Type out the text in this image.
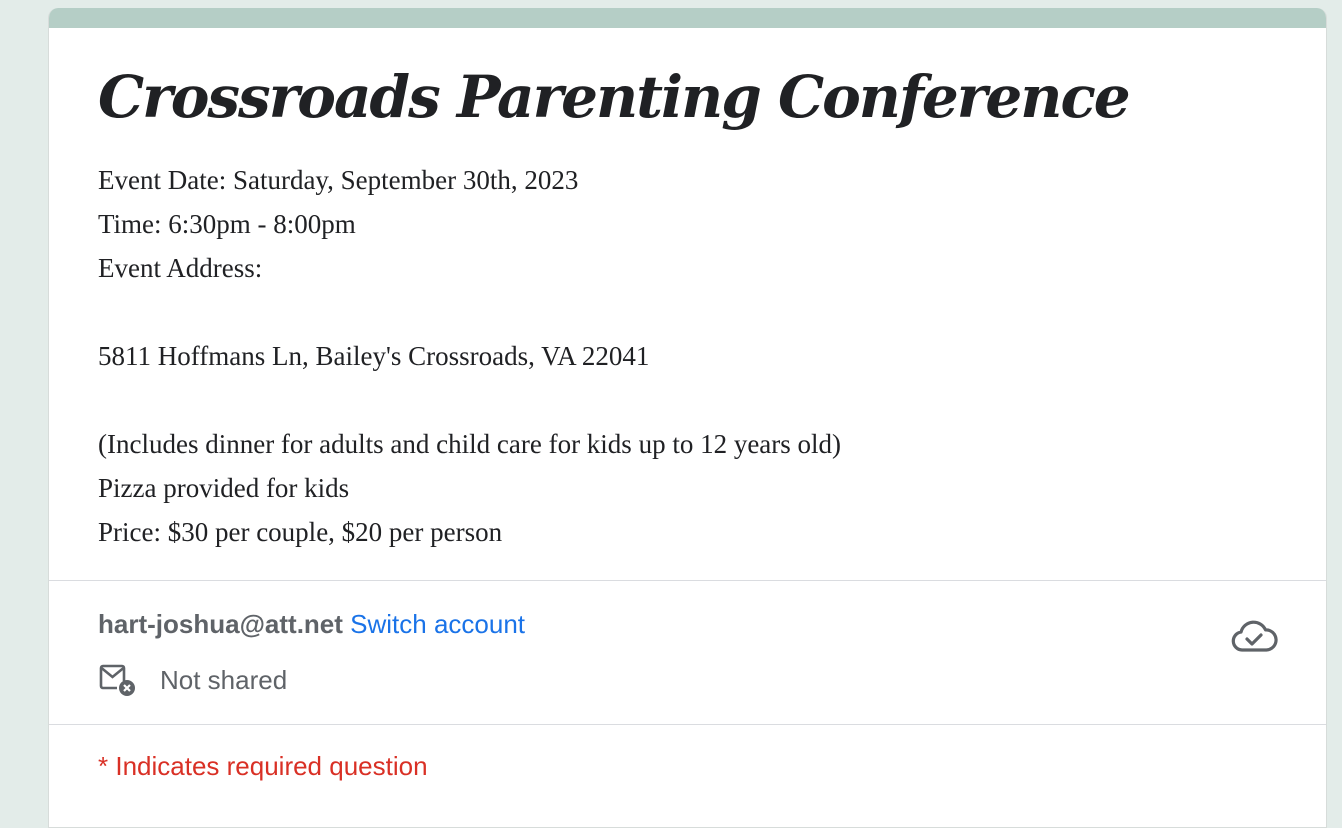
Crossroads Parenting Conference
Event Date: Saturday, September 30th, 2023
Time: 6:30pm - 8:00pm
Event Address:
5811 Hoffmans Ln, Bailey's Crossroads, VA 22041
(Includes dinner for adults and child care for kids up to 12 years old)
Pizza provided for kids
Price: $30 per couple, $20 per person
hart-joshua@att.net Switch account
Not shared
* Indicates required question
